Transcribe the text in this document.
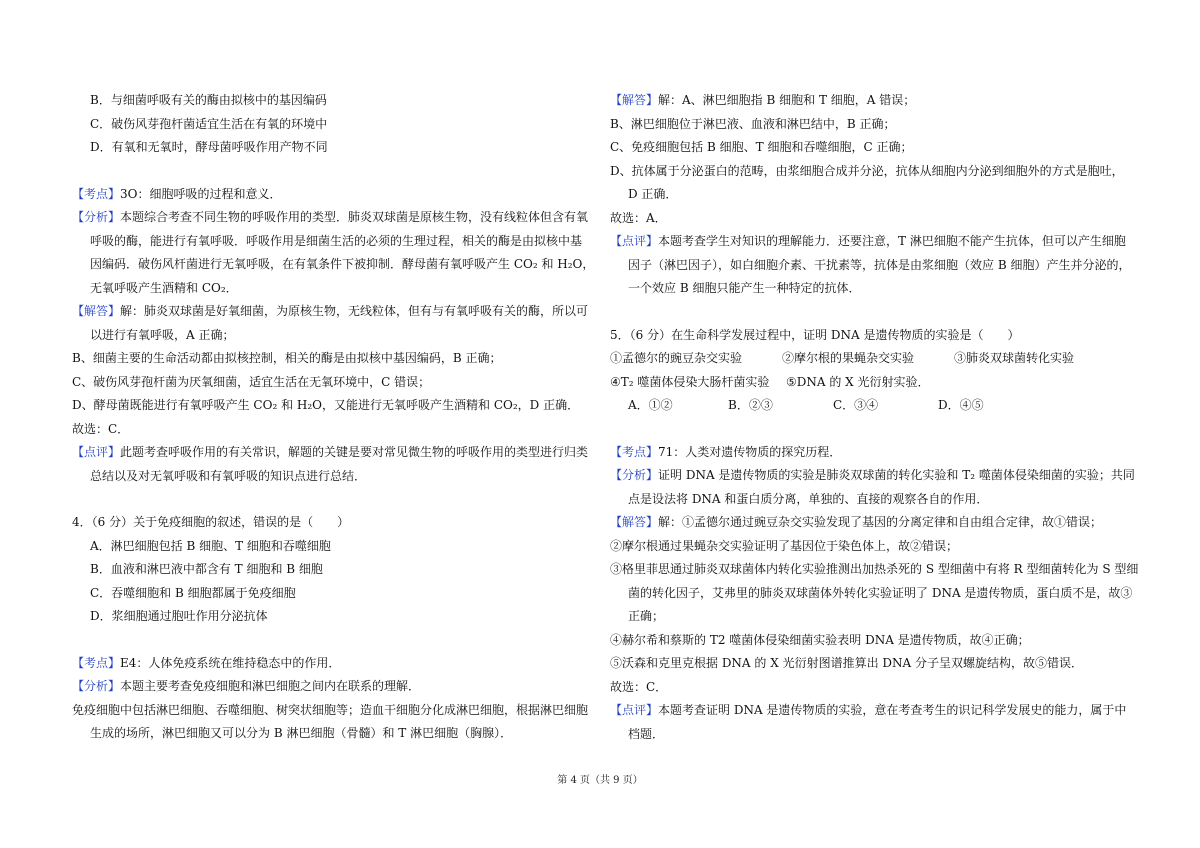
B．与细菌呼吸有关的酶由拟核中的基因编码
C．破伤风芽孢杆菌适宜生活在有氧的环境中
D．有氧和无氧时，酵母菌呼吸作用产物不同
【考点】3O：细胞呼吸的过程和意义．
【分析】本题综合考查不同生物的呼吸作用的类型．肺炎双球菌是原核生物，没有线粒体但含有氧
呼吸的酶，能进行有氧呼吸．呼吸作用是细菌生活的必须的生理过程，相关的酶是由拟核中基
因编码．破伤风杆菌进行无氧呼吸，在有氧条件下被抑制．酵母菌有氧呼吸产生 CO₂ 和 H₂O，
无氧呼吸产生酒精和 CO₂．
【解答】解：肺炎双球菌是好氧细菌，为原核生物，无线粒体，但有与有氧呼吸有关的酶，所以可
以进行有氧呼吸，A 正确；
B、细菌主要的生命活动都由拟核控制，相关的酶是由拟核中基因编码，B 正确；
C、破伤风芽孢杆菌为厌氧细菌，适宜生活在无氧环境中，C 错误；
D、酵母菌既能进行有氧呼吸产生 CO₂ 和 H₂O，又能进行无氧呼吸产生酒精和 CO₂，D 正确．
故选：C．
【点评】此题考查呼吸作用的有关常识，解题的关键是要对常见微生物的呼吸作用的类型进行归类
总结以及对无氧呼吸和有氧呼吸的知识点进行总结．
4．（6 分）关于免疫细胞的叙述，错误的是（　　）
A．淋巴细胞包括 B 细胞、T 细胞和吞噬细胞
B．血液和淋巴液中都含有 T 细胞和 B 细胞
C．吞噬细胞和 B 细胞都属于免疫细胞
D．浆细胞通过胞吐作用分泌抗体
【考点】E4：人体免疫系统在维持稳态中的作用．
【分析】本题主要考查免疫细胞和淋巴细胞之间内在联系的理解．
免疫细胞中包括淋巴细胞、吞噬细胞、树突状细胞等；造血干细胞分化成淋巴细胞，根据淋巴细胞
生成的场所，淋巴细胞又可以分为 B 淋巴细胞（骨髓）和 T 淋巴细胞（胸腺）．
【解答】解：A、淋巴细胞指 B 细胞和 T 细胞，A 错误；
B、淋巴细胞位于淋巴液、血液和淋巴结中，B 正确；
C、免疫细胞包括 B 细胞、T 细胞和吞噬细胞，C 正确；
D、抗体属于分泌蛋白的范畴，由浆细胞合成并分泌，抗体从细胞内分泌到细胞外的方式是胞吐，
D 正确．
故选：A．
【点评】本题考查学生对知识的理解能力．还要注意，T 淋巴细胞不能产生抗体，但可以产生细胞
因子（淋巴因子），如白细胞介素、干扰素等，抗体是由浆细胞（效应 B 细胞）产生并分泌的，
一个效应 B 细胞只能产生一种特定的抗体．
5．（6 分）在生命科学发展过程中，证明 DNA 是遗传物质的实验是（　　）
①孟德尔的豌豆杂交实验	②摩尔根的果蝇杂交实验	③肺炎双球菌转化实验
④T₂ 噬菌体侵染大肠杆菌实验 ⑤DNA 的 X 光衍射实验．
A．①②	B．②③	C．③④	D．④⑤
【考点】71：人类对遗传物质的探究历程．
【分析】证明 DNA 是遗传物质的实验是肺炎双球菌的转化实验和 T₂ 噬菌体侵染细菌的实验；共同
点是设法将 DNA 和蛋白质分离，单独的、直接的观察各自的作用．
【解答】解：①孟德尔通过豌豆杂交实验发现了基因的分离定律和自由组合定律，故①错误；
②摩尔根通过果蝇杂交实验证明了基因位于染色体上，故②错误；
③格里菲思通过肺炎双球菌体内转化实验推测出加热杀死的 S 型细菌中有将 R 型细菌转化为 S 型细
菌的转化因子，艾弗里的肺炎双球菌体外转化实验证明了 DNA 是遗传物质，蛋白质不是，故③
正确；
④赫尔希和蔡斯的 T2 噬菌体侵染细菌实验表明 DNA 是遗传物质，故④正确；
⑤沃森和克里克根据 DNA 的 X 光衍射图谱推算出 DNA 分子呈双螺旋结构，故⑤错误．
故选：C．
【点评】本题考查证明 DNA 是遗传物质的实验，意在考查考生的识记科学发展史的能力，属于中
档题．
第 4 页（共 9 页）
